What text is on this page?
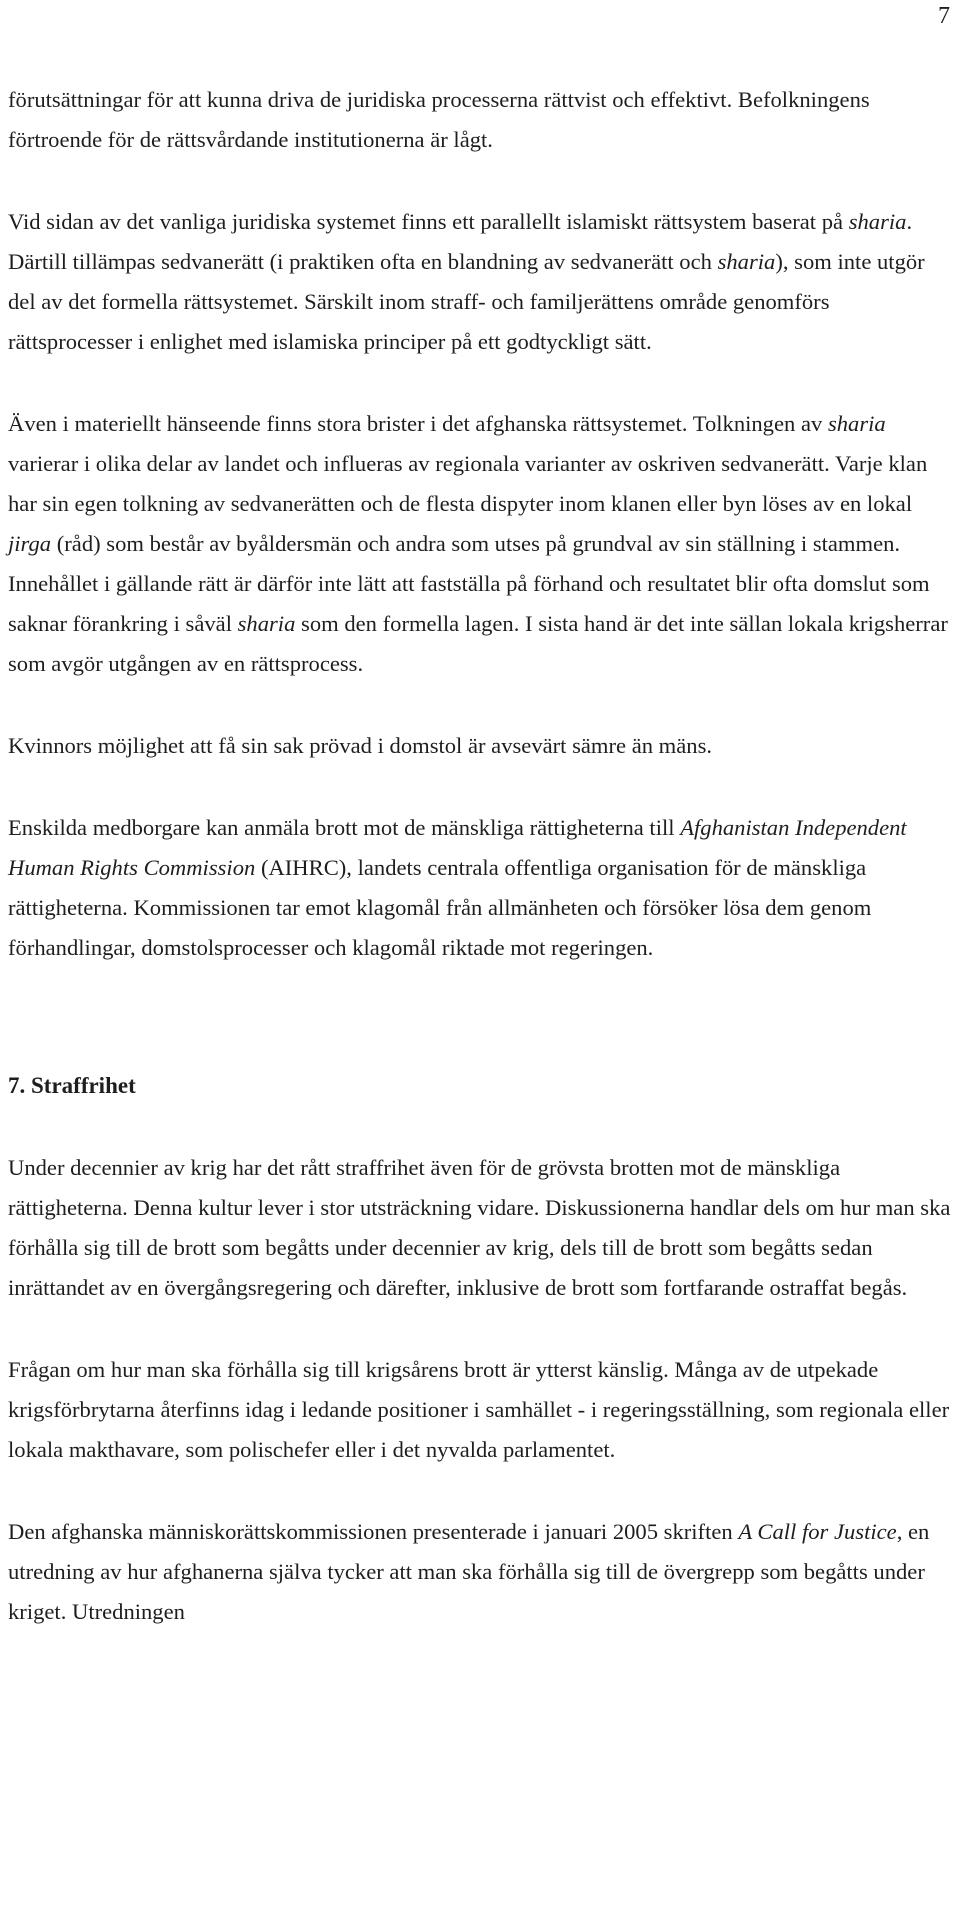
7

förutsättningar för att kunna driva de juridiska processerna rättvist och effektivt. Befolkningens förtroende för de rättsvårdande institutionerna är lågt.

Vid sidan av det vanliga juridiska systemet finns ett parallellt islamiskt rättsystem baserat på sharia. Därtill tillämpas sedvanerätt (i praktiken ofta en blandning av sedvanerätt och sharia), som inte utgör del av det formella rättsystemet. Särskilt inom straff- och familjerättens område genomförs rättsprocesser i enlighet med islamiska principer på ett godtyckligt sätt.

Även i materiellt hänseende finns stora brister i det afghanska rättsystemet. Tolkningen av sharia varierar i olika delar av landet och influeras av regionala varianter av oskriven sedvanerätt. Varje klan har sin egen tolkning av sedvanerätten och de flesta dispyter inom klanen eller byn löses av en lokal jirga (råd) som består av byåldersmän och andra som utses på grundval av sin ställning i stammen. Innehållet i gällande rätt är därför inte lätt att fastställa på förhand och resultatet blir ofta domslut som saknar förankring i såväl sharia som den formella lagen. I sista hand är det inte sällan lokala krigsherrar som avgör utgången av en rättsprocess.

Kvinnors möjlighet att få sin sak prövad i domstol är avsevärt sämre än mäns.

Enskilda medborgare kan anmäla brott mot de mänskliga rättigheterna till Afghanistan Independent Human Rights Commission (AIHRC), landets centrala offentliga organisation för de mänskliga rättigheterna. Kommissionen tar emot klagomål från allmänheten och försöker lösa dem genom förhandlingar, domstolsprocesser och klagomål riktade mot regeringen.

7. Straffrihet

Under decennier av krig har det rått straffrihet även för de grövsta brotten mot de mänskliga rättigheterna. Denna kultur lever i stor utsträckning vidare. Diskussionerna handlar dels om hur man ska förhålla sig till de brott som begåtts under decennier av krig, dels till de brott som begåtts sedan inrättandet av en övergångsregering och därefter, inklusive de brott som fortfarande ostraffat begås.

Frågan om hur man ska förhålla sig till krigsårens brott är ytterst känslig. Många av de utpekade krigsförbrytarna återfinns idag i ledande positioner i samhället - i regeringsställning, som regionala eller lokala makthavare, som polischefer eller i det nyvalda parlamentet.

Den afghanska människorättskommissionen presenterade i januari 2005 skriften A Call for Justice, en utredning av hur afghanerna själva tycker att man ska förhålla sig till de övergrepp som begåtts under kriget. Utredningen
